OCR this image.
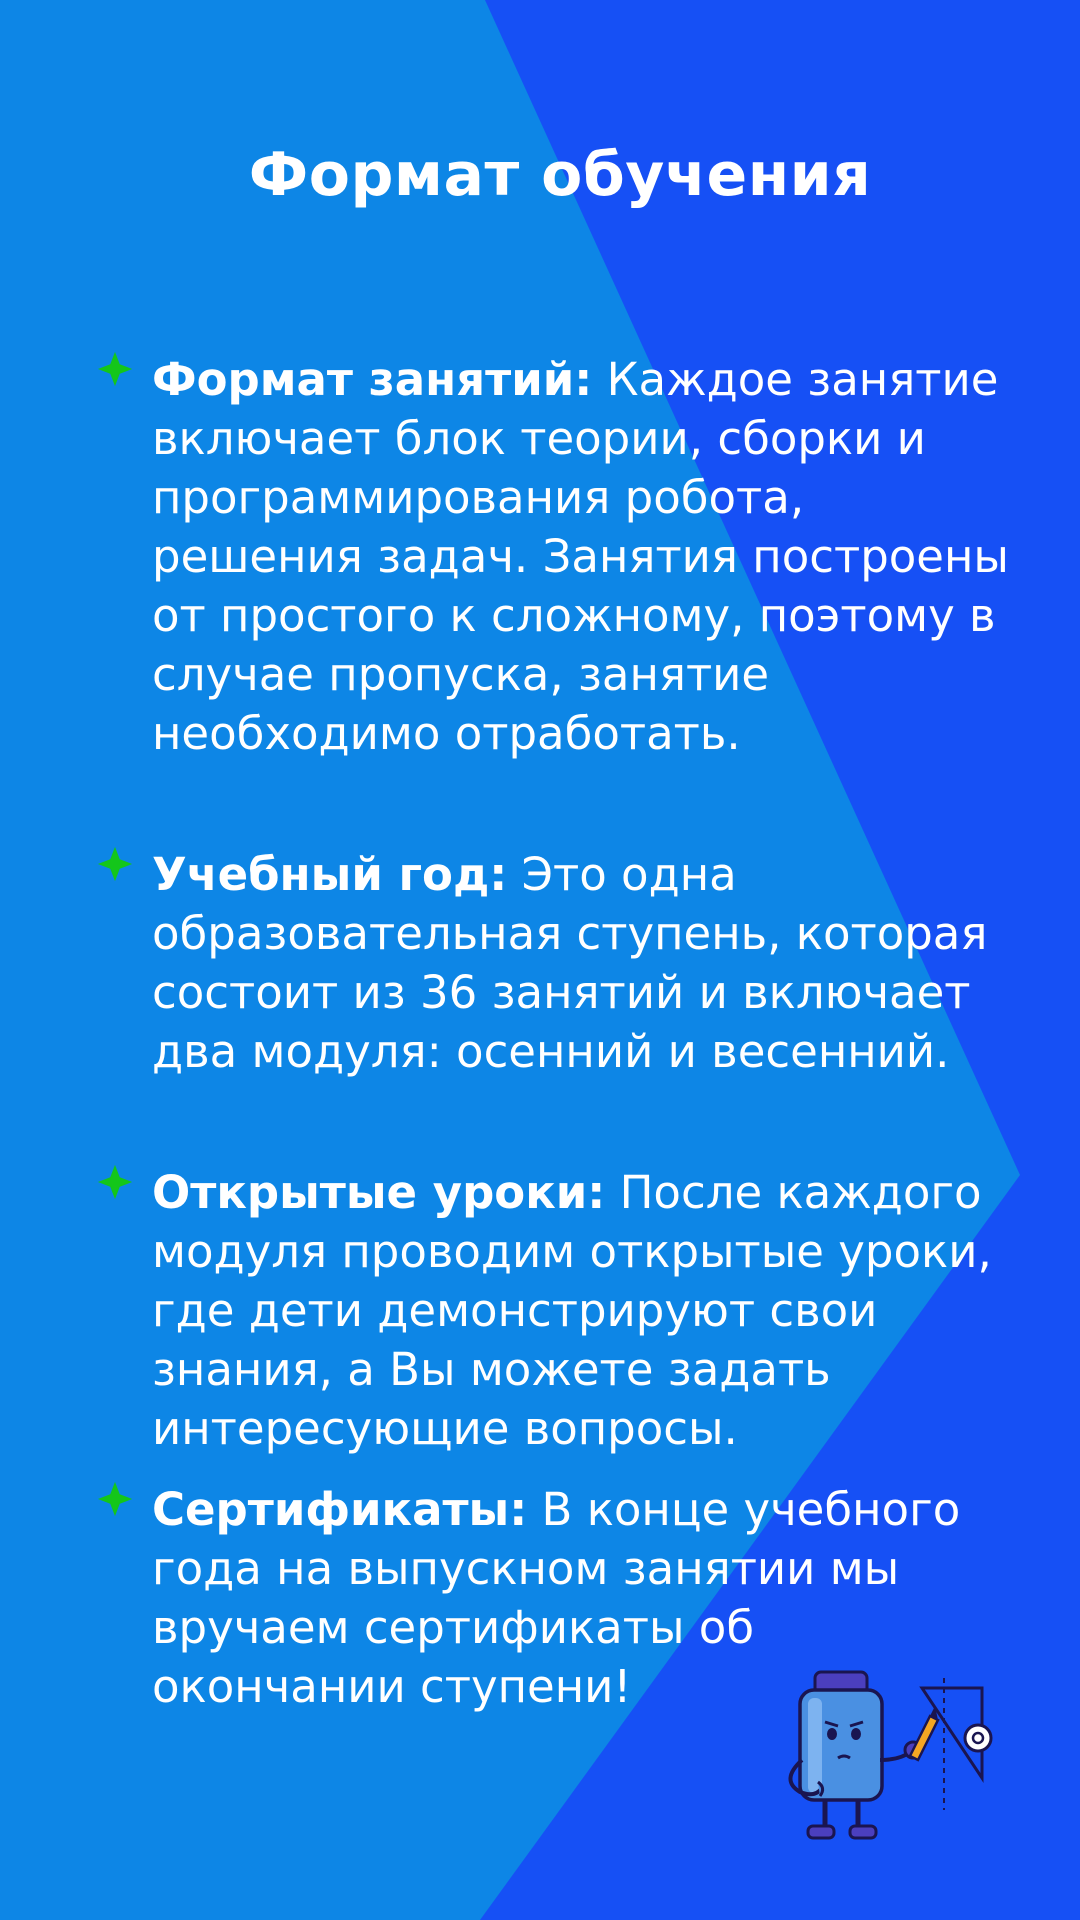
Формат обучения
Формат занятий: Каждое занятие включает блок теории, сборки и программирования робота, решения задач. Занятия построены от простого к сложному, поэтому в случае пропуска, занятие необходимо отработать.
Учебный год: Это одна образовательная ступень, которая состоит из 36 занятий и включает два модуля: осенний и весенний.
Открытые уроки: После каждого модуля проводим открытые уроки, где дети демонстрируют свои знания, а Вы можете задать интересующие вопросы.
Сертификаты: В конце учебного года на выпускном занятии мы вручаем сертификаты об окончании ступени!
